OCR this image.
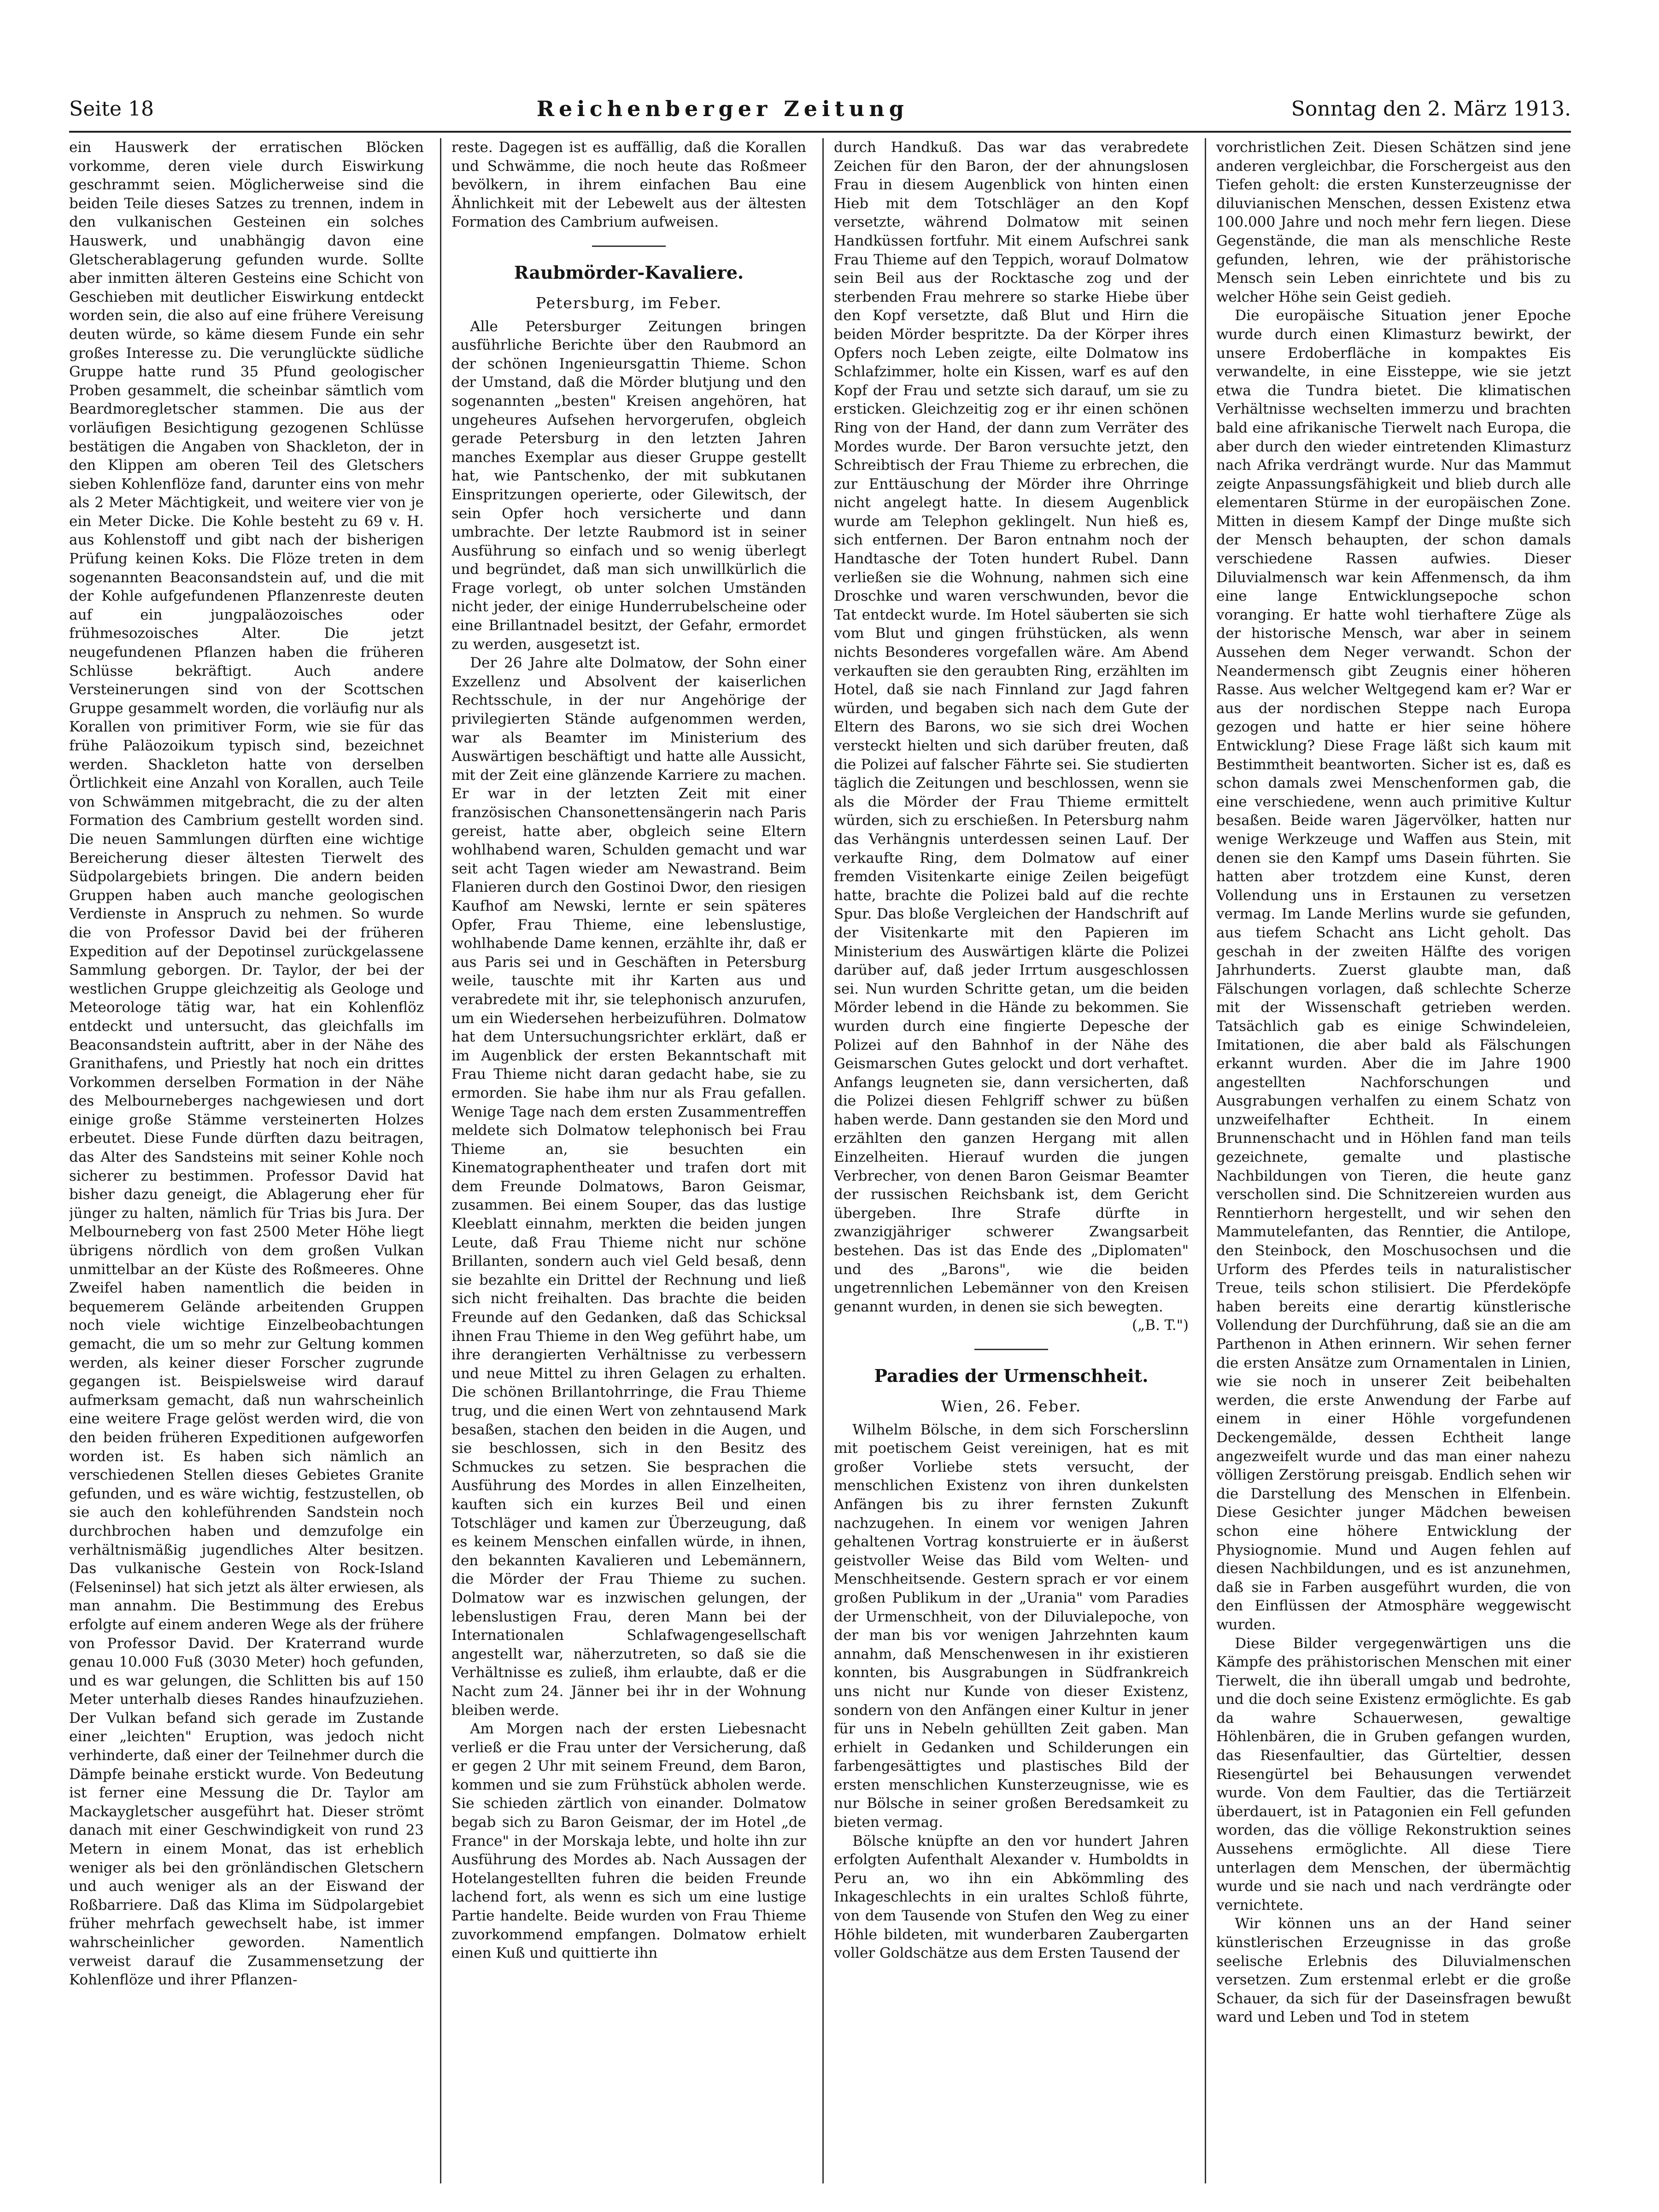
Seite 18	Reichenberger Zeitung	Sonntag den 2. März 1913.

ein Hauswerk der erratischen Blöcken vorkomme, deren viele durch Eiswirkung geschrammt seien. Möglicherweise sind die beiden Teile dieses Satzes zu trennen, indem in den vulkanischen Gesteinen ein solches Hauswerk, und unabhängig davon eine Gletscherablagerung gefunden wurde. Sollte aber inmitten älteren Gesteins eine Schicht von Geschieben mit deutlicher Eiswirkung entdeckt worden sein, die also auf eine frühere Vereisung deuten würde, so käme diesem Funde ein sehr großes Interesse zu. Die verunglückte südliche Gruppe hatte rund 35 Pfund geologischer Proben gesammelt, die scheinbar sämtlich vom Beardmoregletscher stammen. Die aus der vorläufigen Besichtigung gezogenen Schlüsse bestätigen die Angaben von Shackleton, der in den Klippen am oberen Teil des Gletschers sieben Kohlenflöze fand, darunter eins von mehr als 2 Meter Mächtigkeit, und weitere vier von je ein Meter Dicke. Die Kohle besteht zu 69 v. H. aus Kohlenstoff und gibt nach der bisherigen Prüfung keinen Koks. Die Flöze treten in dem sogenannten Beaconsandstein auf, und die mit der Kohle aufgefundenen Pflanzenreste deuten auf ein jungpaläozoisches oder frühmesozoisches Alter. Die jetzt neugefundenen Pflanzen haben die früheren Schlüsse bekräftigt. Auch andere Versteinerungen sind von der Scottschen Gruppe gesammelt worden, die vorläufig nur als Korallen von primitiver Form, wie sie für das frühe Paläozoikum typisch sind, bezeichnet werden. Shackleton hatte von derselben Örtlichkeit eine Anzahl von Korallen, auch Teile von Schwämmen mitgebracht, die zu der alten Formation des Cambrium gestellt worden sind. Die neuen Sammlungen dürften eine wichtige Bereicherung dieser ältesten Tierwelt des Südpolargebiets bringen. Die andern beiden Gruppen haben auch manche geologischen Verdienste in Anspruch zu nehmen. So wurde die von Professor David bei der früheren Expedition auf der Depotinsel zurückgelassene Sammlung geborgen. Dr. Taylor, der bei der westlichen Gruppe gleichzeitig als Geologe und Meteorologe tätig war, hat ein Kohlenflöz entdeckt und untersucht, das gleichfalls im Beaconsandstein auftritt, aber in der Nähe des Granithafens, und Priestly hat noch ein drittes Vorkommen derselben Formation in der Nähe des Melbourneberges nachgewiesen und dort einige große Stämme versteinerten Holzes erbeutet. Diese Funde dürften dazu beitragen, das Alter des Sandsteins mit seiner Kohle noch sicherer zu bestimmen. Professor David hat bisher dazu geneigt, die Ablagerung eher für jünger zu halten, nämlich für Trias bis Jura. Der Melbourneberg von fast 2500 Meter Höhe liegt übrigens nördlich von dem großen Vulkan unmittelbar an der Küste des Roßmeeres. Ohne Zweifel haben namentlich die beiden in bequemerem Gelände arbeitenden Gruppen noch viele wichtige Einzelbeobachtungen gemacht, die um so mehr zur Geltung kommen werden, als keiner dieser Forscher zugrunde gegangen ist. Beispielsweise wird darauf aufmerksam gemacht, daß nun wahrscheinlich eine weitere Frage gelöst werden wird, die von den beiden früheren Expeditionen aufgeworfen worden ist. Es haben sich nämlich an verschiedenen Stellen dieses Gebietes Granite gefunden, und es wäre wichtig, festzustellen, ob sie auch den kohleführenden Sandstein noch durchbrochen haben und demzufolge ein verhältnismäßig jugendliches Alter besitzen. Das vulkanische Gestein von Rock-Island (Felseninsel) hat sich jetzt als älter erwiesen, als man annahm. Die Bestimmung des Erebus erfolgte auf einem anderen Wege als der frühere von Professor David. Der Kraterrand wurde genau 10.000 Fuß (3030 Meter) hoch gefunden, und es war gelungen, die Schlitten bis auf 150 Meter unterhalb dieses Randes hinaufzuziehen. Der Vulkan befand sich gerade im Zustande einer „leichten" Eruption, was jedoch nicht verhinderte, daß einer der Teilnehmer durch die Dämpfe beinahe erstickt wurde. Von Bedeutung ist ferner eine Messung die Dr. Taylor am Mackaygletscher ausgeführt hat. Dieser strömt danach mit einer Geschwindigkeit von rund 23 Metern in einem Monat, das ist erheblich weniger als bei den grönländischen Gletschern und auch weniger als an der Eiswand der Roßbarriere. Daß das Klima im Südpolargebiet früher mehrfach gewechselt habe, ist immer wahrscheinlicher geworden. Namentlich verweist darauf die Zusammensetzung der Kohlenflöze und ihrer Pflanzen-

reste. Dagegen ist es auffällig, daß die Korallen und Schwämme, die noch heute das Roßmeer bevölkern, in ihrem einfachen Bau eine Ähnlichkeit mit der Lebewelt aus der ältesten Formation des Cambrium aufweisen.

Raubmörder-Kavaliere.
Petersburg, im Feber.

Alle Petersburger Zeitungen bringen ausführliche Berichte über den Raubmord an der schönen Ingenieursgattin Thieme. Schon der Umstand, daß die Mörder blutjung und den sogenannten „besten" Kreisen angehören, hat ungeheures Aufsehen hervorgerufen, obgleich gerade Petersburg in den letzten Jahren manches Exemplar aus dieser Gruppe gestellt hat, wie Pantschenko, der mit subkutanen Einspritzungen operierte, oder Gilewitsch, der sein Opfer hoch versicherte und dann umbrachte. Der letzte Raubmord ist in seiner Ausführung so einfach und so wenig überlegt und begründet, daß man sich unwillkürlich die Frage vorlegt, ob unter solchen Umständen nicht jeder, der einige Hunderrubelscheine oder eine Brillantnadel besitzt, der Gefahr, ermordet zu werden, ausgesetzt ist.

Der 26 Jahre alte Dolmatow, der Sohn einer Exzellenz und Absolvent der kaiserlichen Rechtsschule, in der nur Angehörige der privilegierten Stände aufgenommen werden, war als Beamter im Ministerium des Auswärtigen beschäftigt und hatte alle Aussicht, mit der Zeit eine glänzende Karriere zu machen. Er war in der letzten Zeit mit einer französischen Chansonettensängerin nach Paris gereist, hatte aber, obgleich seine Eltern wohlhabend waren, Schulden gemacht und war seit acht Tagen wieder am Newastrand. Beim Flanieren durch den Gostinoi Dwor, den riesigen Kaufhof am Newski, lernte er sein späteres Opfer, Frau Thieme, eine lebenslustige, wohlhabende Dame kennen, erzählte ihr, daß er aus Paris sei und in Geschäften in Petersburg weile, tauschte mit ihr Karten aus und verabredete mit ihr, sie telephonisch anzurufen, um ein Wiedersehen herbeizuführen. Dolmatow hat dem Untersuchungsrichter erklärt, daß er im Augenblick der ersten Bekanntschaft mit Frau Thieme nicht daran gedacht habe, sie zu ermorden. Sie habe ihm nur als Frau gefallen. Wenige Tage nach dem ersten Zusammentreffen meldete sich Dolmatow telephonisch bei Frau Thieme an, sie besuchten ein Kinematographentheater und trafen dort mit dem Freunde Dolmatows, Baron Geismar, zusammen. Bei einem Souper, das das lustige Kleeblatt einnahm, merkten die beiden jungen Leute, daß Frau Thieme nicht nur schöne Brillanten, sondern auch viel Geld besaß, denn sie bezahlte ein Drittel der Rechnung und ließ sich nicht freihalten. Das brachte die beiden Freunde auf den Gedanken, daß das Schicksal ihnen Frau Thieme in den Weg geführt habe, um ihre derangierten Verhältnisse zu verbessern und neue Mittel zu ihren Gelagen zu erhalten. Die schönen Brillantohrringe, die Frau Thieme trug, und die einen Wert von zehntausend Mark besaßen, stachen den beiden in die Augen, und sie beschlossen, sich in den Besitz des Schmuckes zu setzen. Sie besprachen die Ausführung des Mordes in allen Einzelheiten, kauften sich ein kurzes Beil und einen Totschläger und kamen zur Überzeugung, daß es keinem Menschen einfallen würde, in ihnen, den bekannten Kavalieren und Lebemännern, die Mörder der Frau Thieme zu suchen. Dolmatow war es inzwischen gelungen, der lebenslustigen Frau, deren Mann bei der Internationalen Schlafwagengesellschaft angestellt war, näherzutreten, so daß sie die Verhältnisse es zuließ, ihm erlaubte, daß er die Nacht zum 24. Jänner bei ihr in der Wohnung bleiben werde.

Am Morgen nach der ersten Liebesnacht verließ er die Frau unter der Versicherung, daß er gegen 2 Uhr mit seinem Freund, dem Baron, kommen und sie zum Frühstück abholen werde. Sie schieden zärtlich von einander. Dolmatow begab sich zu Baron Geismar, der im Hotel „de France" in der Morskaja lebte, und holte ihn zur Ausführung des Mordes ab. Nach Aussagen der Hotelangestellten fuhren die beiden Freunde lachend fort, als wenn es sich um eine lustige Partie handelte. Beide wurden von Frau Thieme zuvorkommend empfangen. Dolmatow erhielt einen Kuß und quittierte ihn

durch Handkuß. Das war das verabredete Zeichen für den Baron, der der ahnungslosen Frau in diesem Augenblick von hinten einen Hieb mit dem Totschläger an den Kopf versetzte, während Dolmatow mit seinen Handküssen fortfuhr. Mit einem Aufschrei sank Frau Thieme auf den Teppich, worauf Dolmatow sein Beil aus der Rocktasche zog und der sterbenden Frau mehrere so starke Hiebe über den Kopf versetzte, daß Blut und Hirn die beiden Mörder bespritzte. Da der Körper ihres Opfers noch Leben zeigte, eilte Dolmatow ins Schlafzimmer, holte ein Kissen, warf es auf den Kopf der Frau und setzte sich darauf, um sie zu ersticken. Gleichzeitig zog er ihr einen schönen Ring von der Hand, der dann zum Verräter des Mordes wurde. Der Baron versuchte jetzt, den Schreibtisch der Frau Thieme zu erbrechen, die zur Enttäuschung der Mörder ihre Ohrringe nicht angelegt hatte. In diesem Augenblick wurde am Telephon geklingelt. Nun hieß es, sich entfernen. Der Baron entnahm noch der Handtasche der Toten hundert Rubel. Dann verließen sie die Wohnung, nahmen sich eine Droschke und waren verschwunden, bevor die Tat entdeckt wurde. Im Hotel säuberten sie sich vom Blut und gingen frühstücken, als wenn nichts Besonderes vorgefallen wäre. Am Abend verkauften sie den geraubten Ring, erzählten im Hotel, daß sie nach Finnland zur Jagd fahren würden, und begaben sich nach dem Gute der Eltern des Barons, wo sie sich drei Wochen versteckt hielten und sich darüber freuten, daß die Polizei auf falscher Fährte sei. Sie studierten täglich die Zeitungen und beschlossen, wenn sie als die Mörder der Frau Thieme ermittelt würden, sich zu erschießen. In Petersburg nahm das Verhängnis unterdessen seinen Lauf. Der verkaufte Ring, dem Dolmatow auf einer fremden Visitenkarte einige Zeilen beigefügt hatte, brachte die Polizei bald auf die rechte Spur. Das bloße Vergleichen der Handschrift auf der Visitenkarte mit den Papieren im Ministerium des Auswärtigen klärte die Polizei darüber auf, daß jeder Irrtum ausgeschlossen sei. Nun wurden Schritte getan, um die beiden Mörder lebend in die Hände zu bekommen. Sie wurden durch eine fingierte Depesche der Polizei auf den Bahnhof in der Nähe des Geismarschen Gutes gelockt und dort verhaftet. Anfangs leugneten sie, dann versicherten, daß die Polizei diesen Fehlgriff schwer zu büßen haben werde. Dann gestanden sie den Mord und erzählten den ganzen Hergang mit allen Einzelheiten. Hierauf wurden die jungen Verbrecher, von denen Baron Geismar Beamter der russischen Reichsbank ist, dem Gericht übergeben. Ihre Strafe dürfte in zwanzigjähriger schwerer Zwangsarbeit bestehen. Das ist das Ende des „Diplomaten" und des „Barons", wie die beiden ungetrennlichen Lebemänner von den Kreisen genannt wurden, in denen sie sich bewegten.

(„B. T.")

Paradies der Urmenschheit.
Wien, 26. Feber.

Wilhelm Bölsche, in dem sich Forscherslinn mit poetischem Geist vereinigen, hat es mit großer Vorliebe stets versucht, der menschlichen Existenz von ihren dunkelsten Anfängen bis zu ihrer fernsten Zukunft nachzugehen. In einem vor wenigen Jahren gehaltenen Vortrag konstruierte er in äußerst geistvoller Weise das Bild vom Welten- und Menschheitsende. Gestern sprach er vor einem großen Publikum in der „Urania" vom Paradies der Urmenschheit, von der Diluvialepoche, von der man bis vor wenigen Jahrzehnten kaum annahm, daß Menschenwesen in ihr existieren konnten, bis Ausgrabungen in Südfrankreich uns nicht nur Kunde von dieser Existenz, sondern von den Anfängen einer Kultur in jener für uns in Nebeln gehüllten Zeit gaben. Man erhielt in Gedanken und Schilderungen ein farbengesättigtes und plastisches Bild der ersten menschlichen Kunsterzeugnisse, wie es nur Bölsche in seiner großen Beredsamkeit zu bieten vermag.

Bölsche knüpfte an den vor hundert Jahren erfolgten Aufenthalt Alexander v. Humboldts in Peru an, wo ihn ein Abkömmling des Inkageschlechts in ein uraltes Schloß führte, von dem Tausende von Stufen den Weg zu einer Höhle bildeten, mit wunderbaren Zaubergarten voller Goldschätze aus dem Ersten Tausend der

vorchristlichen Zeit. Diesen Schätzen sind jene anderen vergleichbar, die Forschergeist aus den Tiefen geholt: die ersten Kunsterzeugnisse der diluvianischen Menschen, dessen Existenz etwa 100.000 Jahre und noch mehr fern liegen. Diese Gegenstände, die man als menschliche Reste gefunden, lehren, wie der prähistorische Mensch sein Leben einrichtete und bis zu welcher Höhe sein Geist gedieh.

Die europäische Situation jener Epoche wurde durch einen Klimasturz bewirkt, der unsere Erdoberfläche in kompaktes Eis verwandelte, in eine Eissteppe, wie sie jetzt etwa die Tundra bietet. Die klimatischen Verhältnisse wechselten immerzu und brachten bald eine afrikanische Tierwelt nach Europa, die aber durch den wieder eintretenden Klimasturz nach Afrika verdrängt wurde. Nur das Mammut zeigte Anpassungsfähigkeit und blieb durch alle elementaren Stürme in der europäischen Zone. Mitten in diesem Kampf der Dinge mußte sich der Mensch behaupten, der schon damals verschiedene Rassen aufwies. Dieser Diluvialmensch war kein Affenmensch, da ihm eine lange Entwicklungsepoche schon voranging. Er hatte wohl tierhaftere Züge als der historische Mensch, war aber in seinem Aussehen dem Neger verwandt. Schon der Neandermensch gibt Zeugnis einer höheren Rasse. Aus welcher Weltgegend kam er? War er aus der nordischen Steppe nach Europa gezogen und hatte er hier seine höhere Entwicklung? Diese Frage läßt sich kaum mit Bestimmtheit beantworten. Sicher ist es, daß es schon damals zwei Menschenformen gab, die eine verschiedene, wenn auch primitive Kultur besaßen. Beide waren Jägervölker, hatten nur wenige Werkzeuge und Waffen aus Stein, mit denen sie den Kampf ums Dasein führten. Sie hatten aber trotzdem eine Kunst, deren Vollendung uns in Erstaunen zu versetzen vermag. Im Lande Merlins wurde sie gefunden, aus tiefem Schacht ans Licht geholt. Das geschah in der zweiten Hälfte des vorigen Jahrhunderts. Zuerst glaubte man, daß Fälschungen vorlagen, daß schlechte Scherze mit der Wissenschaft getrieben werden. Tatsächlich gab es einige Schwindeleien, Imitationen, die aber bald als Fälschungen erkannt wurden. Aber die im Jahre 1900 angestellten Nachforschungen und Ausgrabungen verhalfen zu einem Schatz von unzweifelhafter Echtheit. In einem Brunnenschacht und in Höhlen fand man teils gezeichnete, gemalte und plastische Nachbildungen von Tieren, die heute ganz verschollen sind. Die Schnitzereien wurden aus Renntierhorn hergestellt, und wir sehen den Mammutelefanten, das Renntier, die Antilope, den Steinbock, den Moschusochsen und die Urform des Pferdes teils in naturalistischer Treue, teils schon stilisiert. Die Pferdeköpfe haben bereits eine derartig künstlerische Vollendung der Durchführung, daß sie an die am Parthenon in Athen erinnern. Wir sehen ferner die ersten Ansätze zum Ornamentalen in Linien, wie sie noch in unserer Zeit beibehalten werden, die erste Anwendung der Farbe auf einem in einer Höhle vorgefundenen Deckengemälde, dessen Echtheit lange angezweifelt wurde und das man einer nahezu völligen Zerstörung preisgab. Endlich sehen wir die Darstellung des Menschen in Elfenbein. Diese Gesichter junger Mädchen beweisen schon eine höhere Entwicklung der Physiognomie. Mund und Augen fehlen auf diesen Nachbildungen, und es ist anzunehmen, daß sie in Farben ausgeführt wurden, die von den Einflüssen der Atmosphäre weggewischt wurden.

Diese Bilder vergegenwärtigen uns die Kämpfe des prähistorischen Menschen mit einer Tierwelt, die ihn überall umgab und bedrohte, und die doch seine Existenz ermöglichte. Es gab da wahre Schauerwesen, gewaltige Höhlenbären, die in Gruben gefangen wurden, das Riesenfaultier, das Gürteltier, dessen Riesengürtel bei Behausungen verwendet wurde. Von dem Faultier, das die Tertiärzeit überdauert, ist in Patagonien ein Fell gefunden worden, das die völlige Rekonstruktion seines Aussehens ermöglichte. All diese Tiere unterlagen dem Menschen, der übermächtig wurde und sie nach und nach verdrängte oder vernichtete.

Wir können uns an der Hand seiner künstlerischen Erzeugnisse in das große seelische Erlebnis des Diluvialmenschen versetzen. Zum erstenmal erlebt er die große Schauer, da sich für der Daseinsfragen bewußt ward und Leben und Tod in stetem
